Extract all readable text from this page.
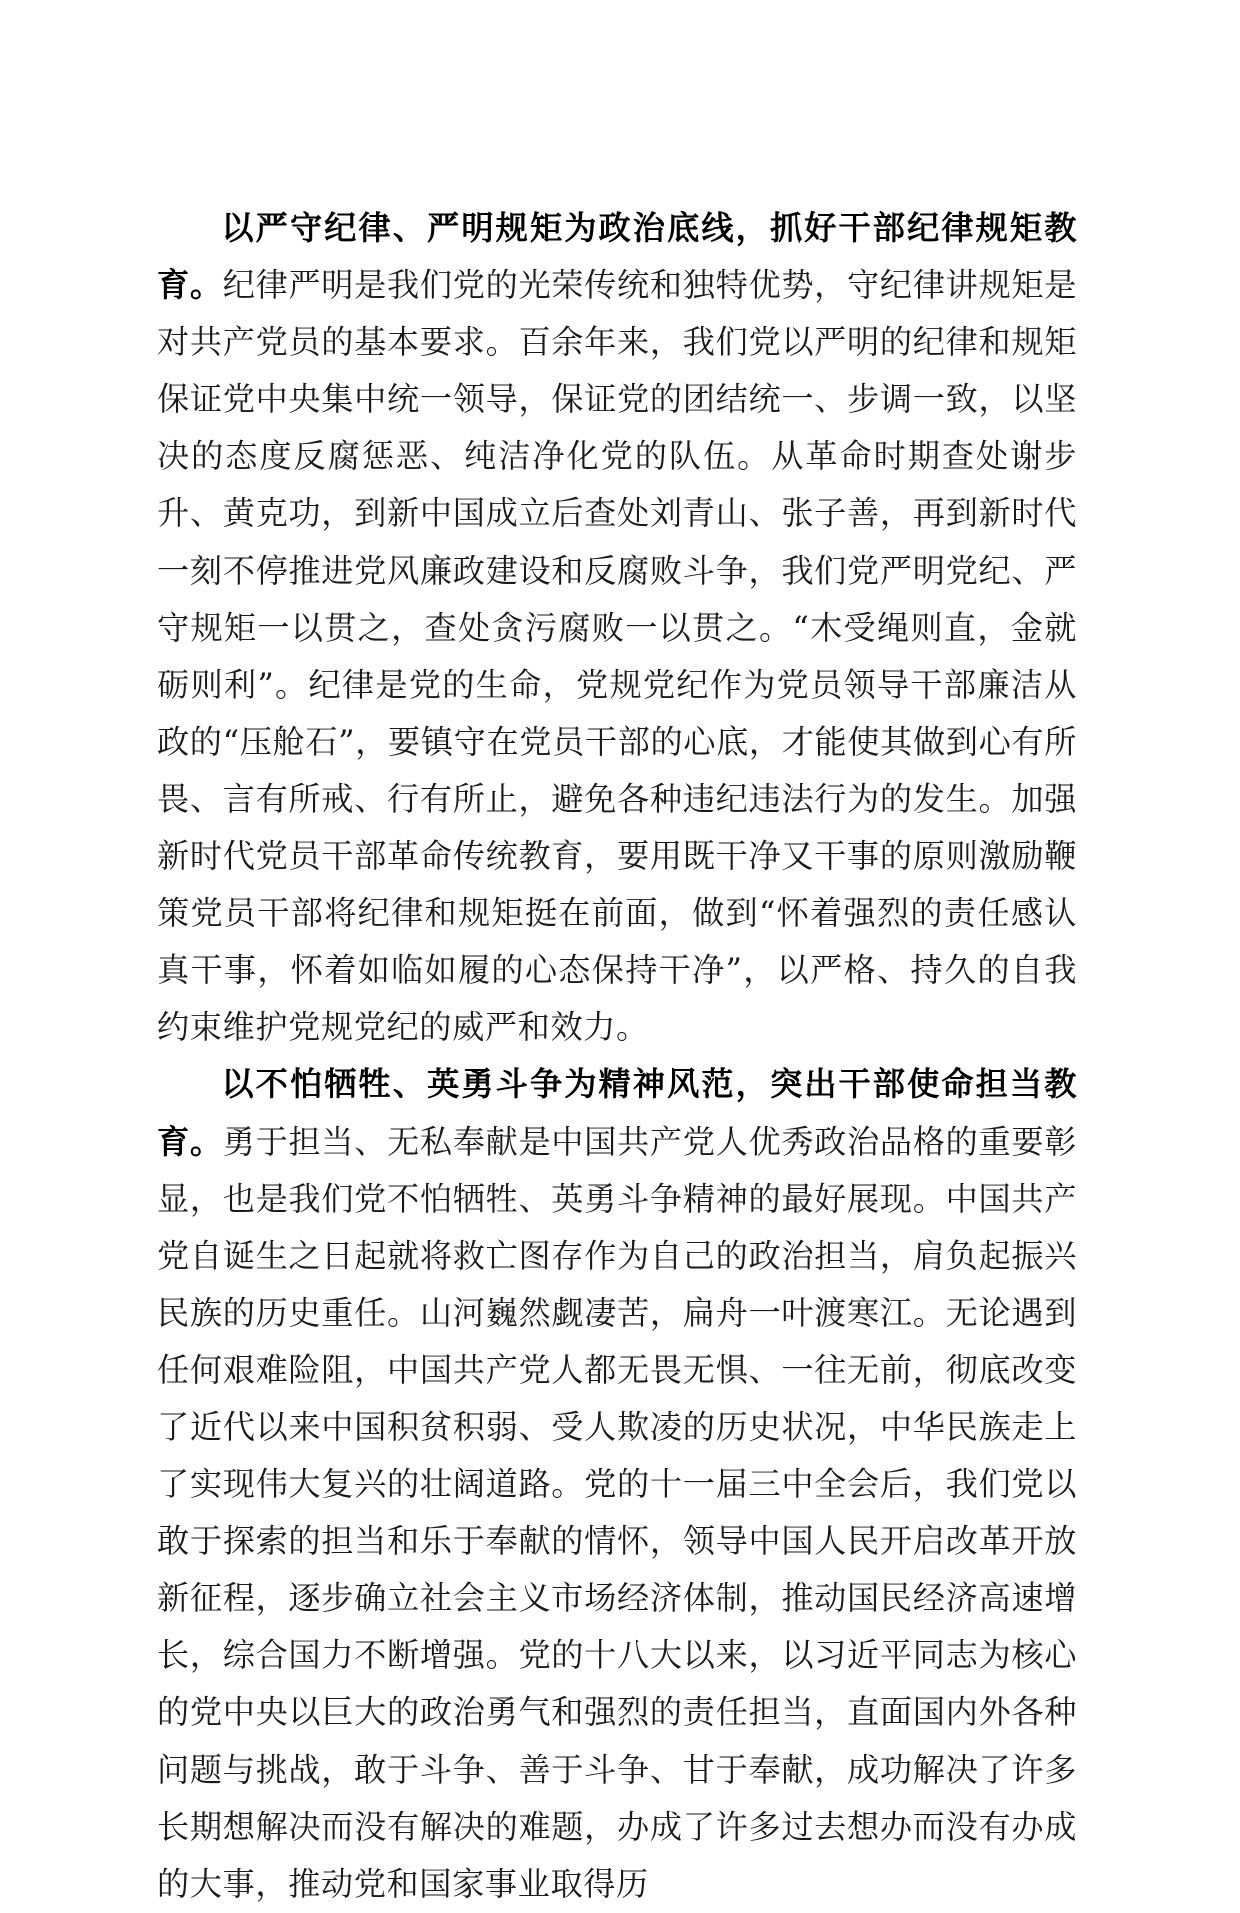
以严守纪律、严明规矩为政治底线，抓好干部纪律规矩教育。纪律严明是我们党的光荣传统和独特优势，守纪律讲规矩是对共产党员的基本要求。百余年来，我们党以严明的纪律和规矩保证党中央集中统一领导，保证党的团结统一、步调一致，以坚决的态度反腐惩恶、纯洁净化党的队伍。从革命时期查处谢步升、黄克功，到新中国成立后查处刘青山、张子善，再到新时代一刻不停推进党风廉政建设和反腐败斗争，我们党严明党纪、严守规矩一以贯之，查处贪污腐败一以贯之。“木受绳则直，金就砺则利”。纪律是党的生命，党规党纪作为党员领导干部廉洁从政的“压舱石”，要镇守在党员干部的心底，才能使其做到心有所畏、言有所戒、行有所止，避免各种违纪违法行为的发生。加强新时代党员干部革命传统教育，要用既干净又干事的原则激励鞭策党员干部将纪律和规矩挺在前面，做到“怀着强烈的责任感认真干事，怀着如临如履的心态保持干净”，以严格、持久的自我约束维护党规党纪的威严和效力。

以不怕牺牲、英勇斗争为精神风范，突出干部使命担当教育。勇于担当、无私奉献是中国共产党人优秀政治品格的重要彰显，也是我们党不怕牺牲、英勇斗争精神的最好展现。中国共产党自诞生之日起就将救亡图存作为自己的政治担当，肩负起振兴民族的历史重任。山河巍然觑凄苦，扁舟一叶渡寒江。无论遇到任何艰难险阻，中国共产党人都无畏无惧、一往无前，彻底改变了近代以来中国积贫积弱、受人欺凌的历史状况，中华民族走上了实现伟大复兴的壮阔道路。党的十一届三中全会后，我们党以敢于探索的担当和乐于奉献的情怀，领导中国人民开启改革开放新征程，逐步确立社会主义市场经济体制，推动国民经济高速增长，综合国力不断增强。党的十八大以来，以习近平同志为核心的党中央以巨大的政治勇气和强烈的责任担当，直面国内外各种问题与挑战，敢于斗争、善于斗争、甘于奉献，成功解决了许多长期想解决而没有解决的难题，办成了许多过去想办而没有办成的大事，推动党和国家事业取得历
